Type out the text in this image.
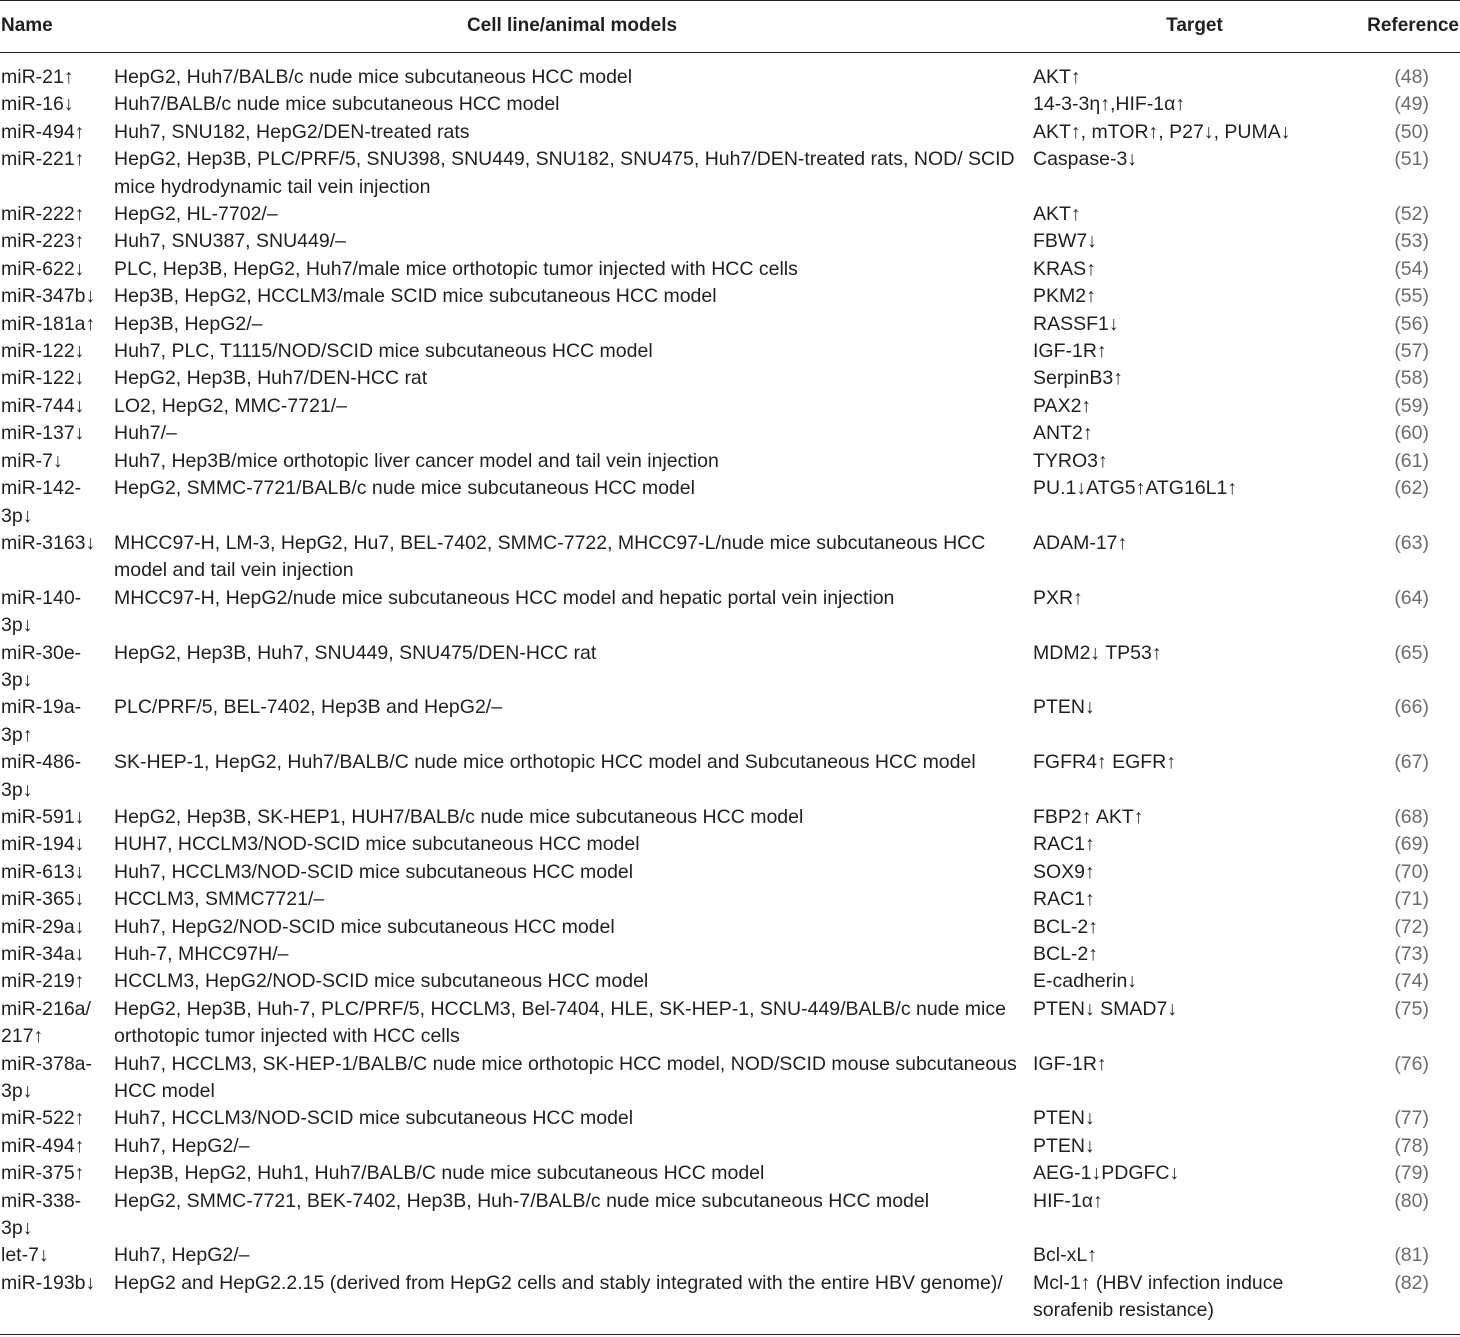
Name	Cell line/animal models	Target	Reference
miR-21↑	HepG2, Huh7/BALB/c nude mice subcutaneous HCC model	AKT↑	(48)
miR-16↓	Huh7/BALB/c nude mice subcutaneous HCC model	14-3-3η↑,HIF-1α↑	(49)
miR-494↑	Huh7, SNU182, HepG2/DEN-treated rats	AKT↑, mTOR↑, P27↓, PUMA↓	(50)
miR-221↑	HepG2, Hep3B, PLC/PRF/5, SNU398, SNU449, SNU182, SNU475, Huh7/DEN-treated rats, NOD/ SCID mice hydrodynamic tail vein injection	Caspase-3↓	(51)
miR-222↑	HepG2, HL-7702/–	AKT↑	(52)
miR-223↑	Huh7, SNU387, SNU449/–	FBW7↓	(53)
miR-622↓	PLC, Hep3B, HepG2, Huh7/male mice orthotopic tumor injected with HCC cells	KRAS↑	(54)
miR-347b↓	Hep3B, HepG2, HCCLM3/male SCID mice subcutaneous HCC model	PKM2↑	(55)
miR-181a↑	Hep3B, HepG2/–	RASSF1↓	(56)
miR-122↓	Huh7, PLC, T1115/NOD/SCID mice subcutaneous HCC model	IGF-1R↑	(57)
miR-122↓	HepG2, Hep3B, Huh7/DEN-HCC rat	SerpinB3↑	(58)
miR-744↓	LO2, HepG2, MMC-7721/–	PAX2↑	(59)
miR-137↓	Huh7/–	ANT2↑	(60)
miR-7↓	Huh7, Hep3B/mice orthotopic liver cancer model and tail vein injection	TYRO3↑	(61)
miR-142- 3p↓	HepG2, SMMC-7721/BALB/c nude mice subcutaneous HCC model	PU.1↓ATG5↑ATG16L1↑	(62)
miR-3163↓	MHCC97-H, LM-3, HepG2, Hu7, BEL-7402, SMMC-7722, MHCC97-L/nude mice subcutaneous HCC model and tail vein injection	ADAM-17↑	(63)
miR-140- 3p↓	MHCC97-H, HepG2/nude mice subcutaneous HCC model and hepatic portal vein injection	PXR↑	(64)
miR-30e- 3p↓	HepG2, Hep3B, Huh7, SNU449, SNU475/DEN-HCC rat	MDM2↓ TP53↑	(65)
miR-19a- 3p↑	PLC/PRF/5, BEL-7402, Hep3B and HepG2/–	PTEN↓	(66)
miR-486- 3p↓	SK-HEP-1, HepG2, Huh7/BALB/C nude mice orthotopic HCC model and Subcutaneous HCC model	FGFR4↑ EGFR↑	(67)
miR-591↓	HepG2, Hep3B, SK-HEP1, HUH7/BALB/c nude mice subcutaneous HCC model	FBP2↑ AKT↑	(68)
miR-194↓	HUH7, HCCLM3/NOD-SCID mice subcutaneous HCC model	RAC1↑	(69)
miR-613↓	Huh7, HCCLM3/NOD-SCID mice subcutaneous HCC model	SOX9↑	(70)
miR-365↓	HCCLM3, SMMC7721/–	RAC1↑	(71)
miR-29a↓	Huh7, HepG2/NOD-SCID mice subcutaneous HCC model	BCL-2↑	(72)
miR-34a↓	Huh-7, MHCC97H/–	BCL-2↑	(73)
miR-219↑	HCCLM3, HepG2/NOD-SCID mice subcutaneous HCC model	E-cadherin↓	(74)
miR-216a/ 217↑	HepG2, Hep3B, Huh-7, PLC/PRF/5, HCCLM3, Bel-7404, HLE, SK-HEP-1, SNU-449/BALB/c nude mice orthotopic tumor injected with HCC cells	PTEN↓ SMAD7↓	(75)
miR-378a- 3p↓	Huh7, HCCLM3, SK-HEP-1/BALB/C nude mice orthotopic HCC model, NOD/SCID mouse subcutaneous HCC model	IGF-1R↑	(76)
miR-522↑	Huh7, HCCLM3/NOD-SCID mice subcutaneous HCC model	PTEN↓	(77)
miR-494↑	Huh7, HepG2/–	PTEN↓	(78)
miR-375↑	Hep3B, HepG2, Huh1, Huh7/BALB/C nude mice subcutaneous HCC model	AEG-1↓PDGFC↓	(79)
miR-338- 3p↓	HepG2, SMMC-7721, BEK-7402, Hep3B, Huh-7/BALB/c nude mice subcutaneous HCC model	HIF-1α↑	(80)
let-7↓	Huh7, HepG2/–	Bcl-xL↑	(81)
miR-193b↓	HepG2 and HepG2.2.15 (derived from HepG2 cells and stably integrated with the entire HBV genome)/	Mcl-1↑ (HBV infection induce sorafenib resistance)	(82)
